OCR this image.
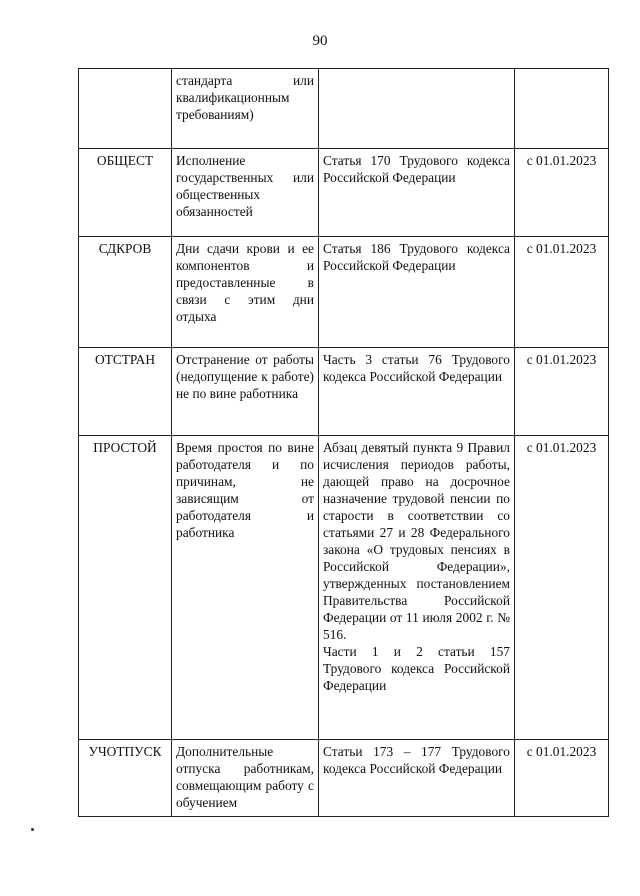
90
	стандарта или квалификационным требованиям)		
ОБЩЕСТ	Исполнение государственных или общественных обязанностей	Статья 170 Трудового кодекса Российской Федерации	с 01.01.2023
СДКРОВ	Дни сдачи крови и ее компонентов и предоставленные в связи с этим дни отдыха	Статья 186 Трудового кодекса Российской Федерации	с 01.01.2023
ОТСТРАН	Отстранение от работы (недопущение к работе) не по вине работника	Часть 3 статьи 76 Трудового кодекса Российской Федерации	с 01.01.2023
ПРОСТОЙ	Время простоя по вине работодателя и по причинам, не зависящим от работодателя и работника	Абзац девятый пункта 9 Правил исчисления периодов работы, дающей право на досрочное назначение трудовой пенсии по старости в соответствии со статьями 27 и 28 Федерального закона «О трудовых пенсиях в Российской Федерации», утвержденных постановлением Правительства Российской Федерации от 11 июля 2002 г. № 516.
Части 1 и 2 статьи 157 Трудового кодекса Российской Федерации	с 01.01.2023
УЧОТПУСК	Дополнительные отпуска работникам, совмещающим работу с обучением	Статьи 173 – 177 Трудового кодекса Российской Федерации	с 01.01.2023
